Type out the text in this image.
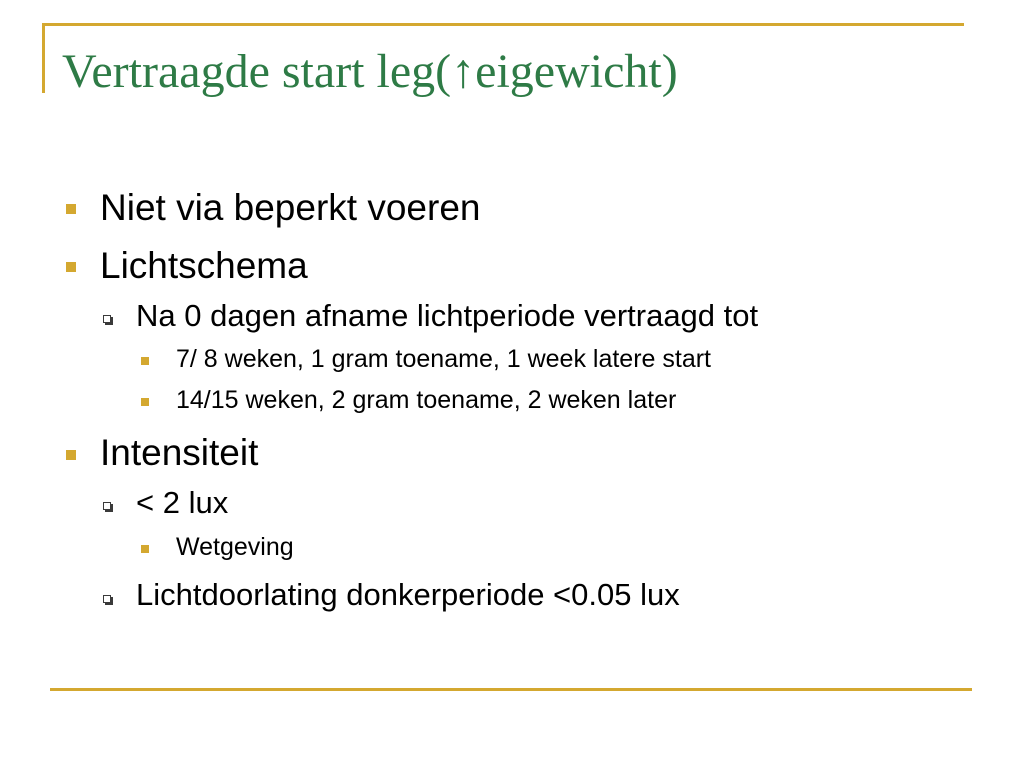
Vertraagde start leg(↑eigewicht)
Niet via beperkt voeren
Lichtschema
Na 0 dagen afname lichtperiode vertraagd tot
7/ 8 weken, 1 gram toename, 1 week latere start
14/15 weken, 2 gram toename, 2 weken later
Intensiteit
< 2 lux
Wetgeving
Lichtdoorlating donkerperiode <0.05 lux
